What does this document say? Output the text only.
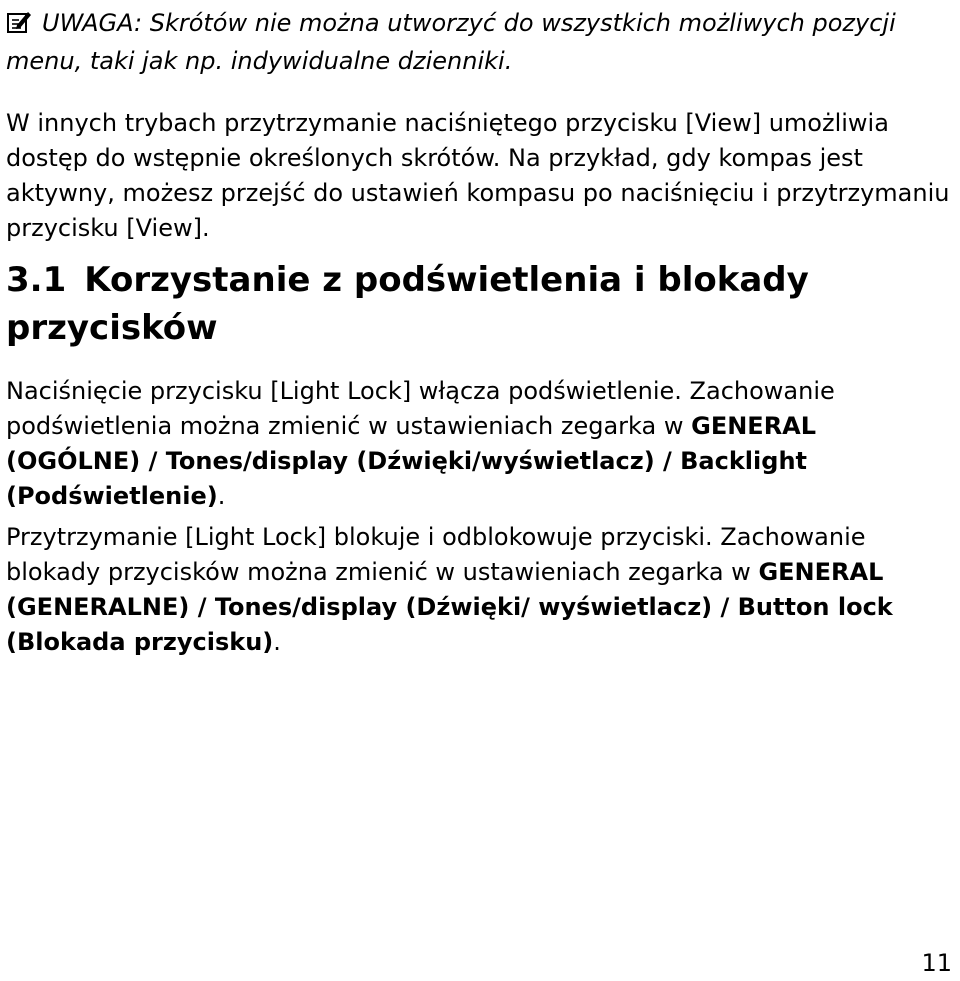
UWAGA: Skrótów nie można utworzyć do wszystkich możliwych pozycji menu, taki jak np. indywidualne dzienniki.

W innych trybach przytrzymanie naciśniętego przycisku [View] umożliwia dostęp do wstępnie określonych skrótów. Na przykład, gdy kompas jest aktywny, możesz przejść do ustawień kompasu po naciśnięciu i przytrzymaniu przycisku [View].

3.1 Korzystanie z podświetlenia i blokady przycisków

Naciśnięcie przycisku [Light Lock] włącza podświetlenie. Zachowanie podświetlenia można zmienić w ustawieniach zegarka w GENERAL (OGÓLNE) / Tones/display (Dźwięki/wyświetlacz) / Backlight (Podświetlenie).

Przytrzymanie [Light Lock] blokuje i odblokowuje przyciski. Zachowanie blokady przycisków można zmienić w ustawieniach zegarka w GENERAL (GENERALNE) / Tones/display (Dźwięki/ wyświetlacz) / Button lock (Blokada przycisku).

11
